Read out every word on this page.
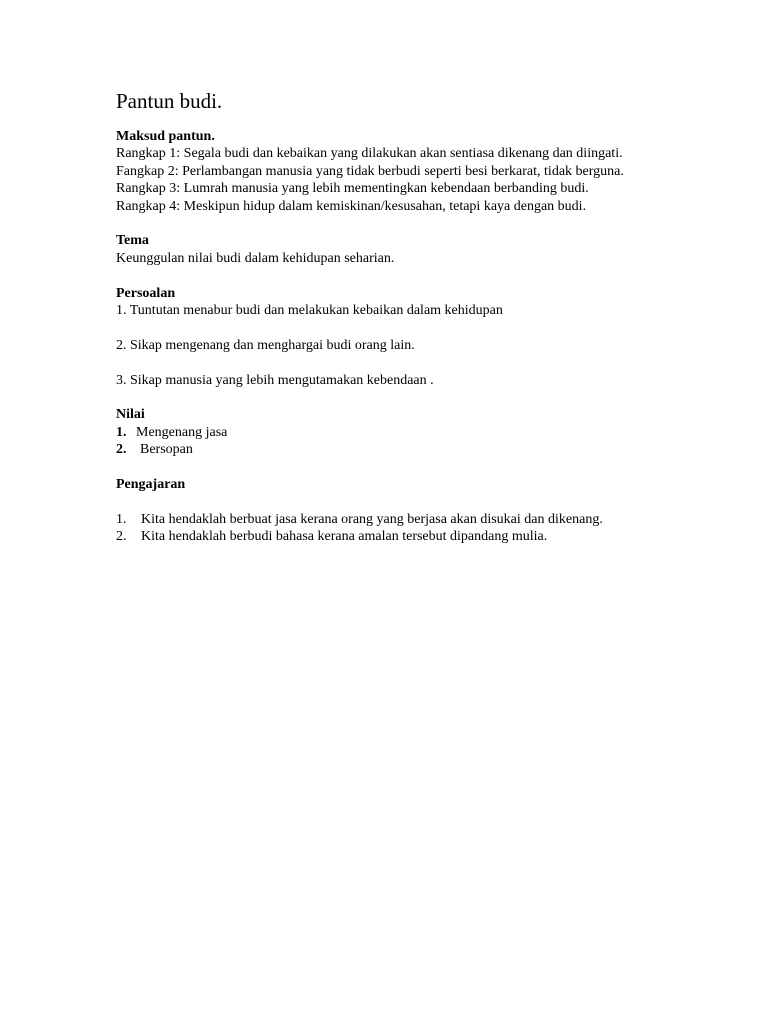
Pantun budi.

Maksud pantun.

Rangkap 1: Segala budi dan kebaikan yang dilakukan akan sentiasa dikenang dan diingati.

Fangkap 2: Perlambangan manusia yang tidak berbudi seperti besi berkarat, tidak berguna.

Rangkap 3: Lumrah manusia yang lebih mementingkan kebendaan berbanding budi.

Rangkap 4: Meskipun hidup dalam kemiskinan/kesusahan, tetapi kaya dengan budi.

Tema

Keunggulan nilai budi dalam kehidupan seharian.

Persoalan

1. Tuntutan menabur budi dan melakukan kebaikan dalam kehidupan

2. Sikap mengenang dan menghargai budi orang lain.

3. Sikap manusia yang lebih mengutamakan kebendaan .

Nilai

1. Mengenang jasa

2. Bersopan

Pengajaran

1.	Kita hendaklah berbuat jasa kerana orang yang berjasa akan disukai dan dikenang.
2.	Kita hendaklah berbudi bahasa kerana amalan tersebut dipandang mulia.
